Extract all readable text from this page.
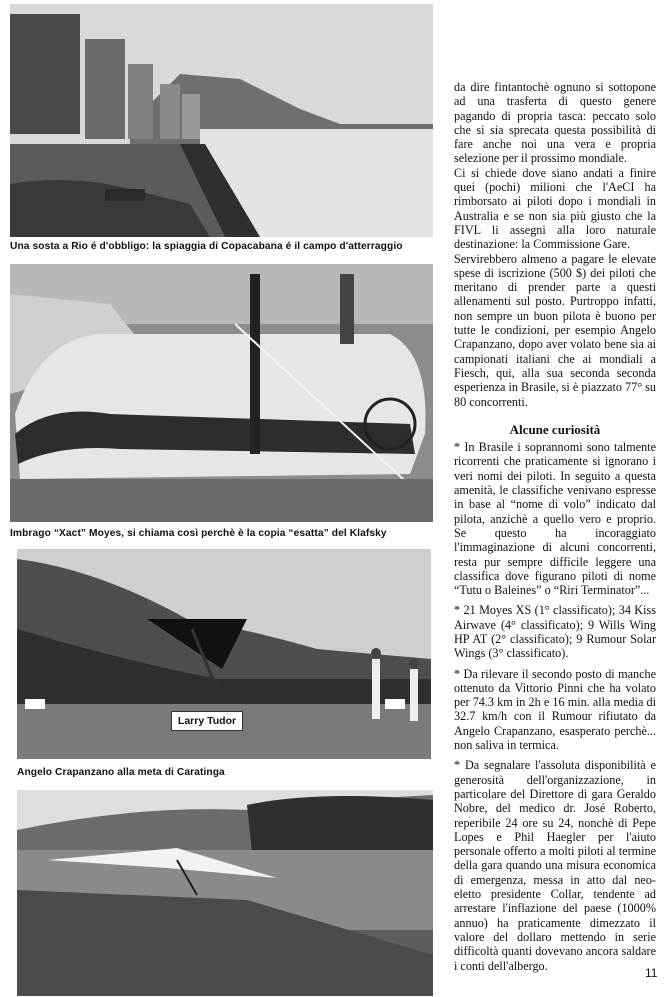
Una sosta a Rio é d'obbligo: la spiaggia di Copacabana é il campo d'atterraggio
Imbrago “Xact” Moyes, si chiama così perchè è la copia “esatta” del Klafsky
Larry Tudor
Angelo Crapanzano alla meta di Caratinga

da dire fintantochè ognuno si sottopone ad una trasferta di questo genere pagando di propria tasca: peccato solo che si sia sprecata questa possibilità di fare anche noi una vera e propria selezione per il prossimo mondiale.

Ci si chiede dove siano andati a finire quei (pochi) milioni che l'AeCI ha rimborsato ai piloti dopo i mondiali in Australia e se non sia più giusto che la FIVL li assegni alla loro naturale destinazione: la Commissione Gare.

Servirebbero almeno a pagare le elevate spese di iscrizione (500 $) dei piloti che meritano di prender parte a questi allenamenti sul posto. Purtroppo infatti, non sempre un buon pilota è buono per tutte le condizioni, per esempio Angelo Crapanzano, dopo aver volato bene sia ai campionati italiani che ai mondiali a Fiesch, qui, alla sua seconda seconda esperienza in Brasile, si è piazzato 77° su 80 concorrenti.

Alcune curiosità

* In Brasile i soprannomi sono talmente ricorrenti che praticamente si ignorano i veri nomi dei piloti. In seguito a questa amenità, le classifiche venivano espresse in base al “nome di volo” indicato dal pilota, anzichè a quello vero e proprio. Se questo ha incoraggiato l'immaginazione di alcuni concorrenti, resta pur sempre difficile leggere una classifica dove figurano piloti di nome “Tutu o Baleines” o “Riri Terminator”...

* 21 Moyes XS (1° classificato); 34 Kiss Airwave (4° classificato); 9 Wills Wing HP AT (2° classificato); 9 Rumour Solar Wings (3° classificato).

* Da rilevare il secondo posto di manche ottenuto da Vittorio Pinni che ha volato per 74.3 km in 2h e 16 min. alla media di 32.7 km/h con il Rumour rifiutato da Angelo Crapanzano, esasperato perchè... non saliva in termica.

* Da segnalare l'assoluta disponibilità e generosità dell'organizzazione, in particolare del Direttore di gara Geraldo Nobre, del medico dr. José Roberto, reperibile 24 ore su 24, nonchè di Pepe Lopes e Phil Haegler per l'aiuto personale offerto a molti piloti al termine della gara quando una misura economica di emergenza, messa in atto dal neo-eletto presidente Collar, tendente ad arrestare l'inflazione del paese (1000% annuo) ha praticamente dimezzato il valore del dollaro mettendo in serie difficoltà quanti dovevano ancora saldare i conti dell'albergo.

11
